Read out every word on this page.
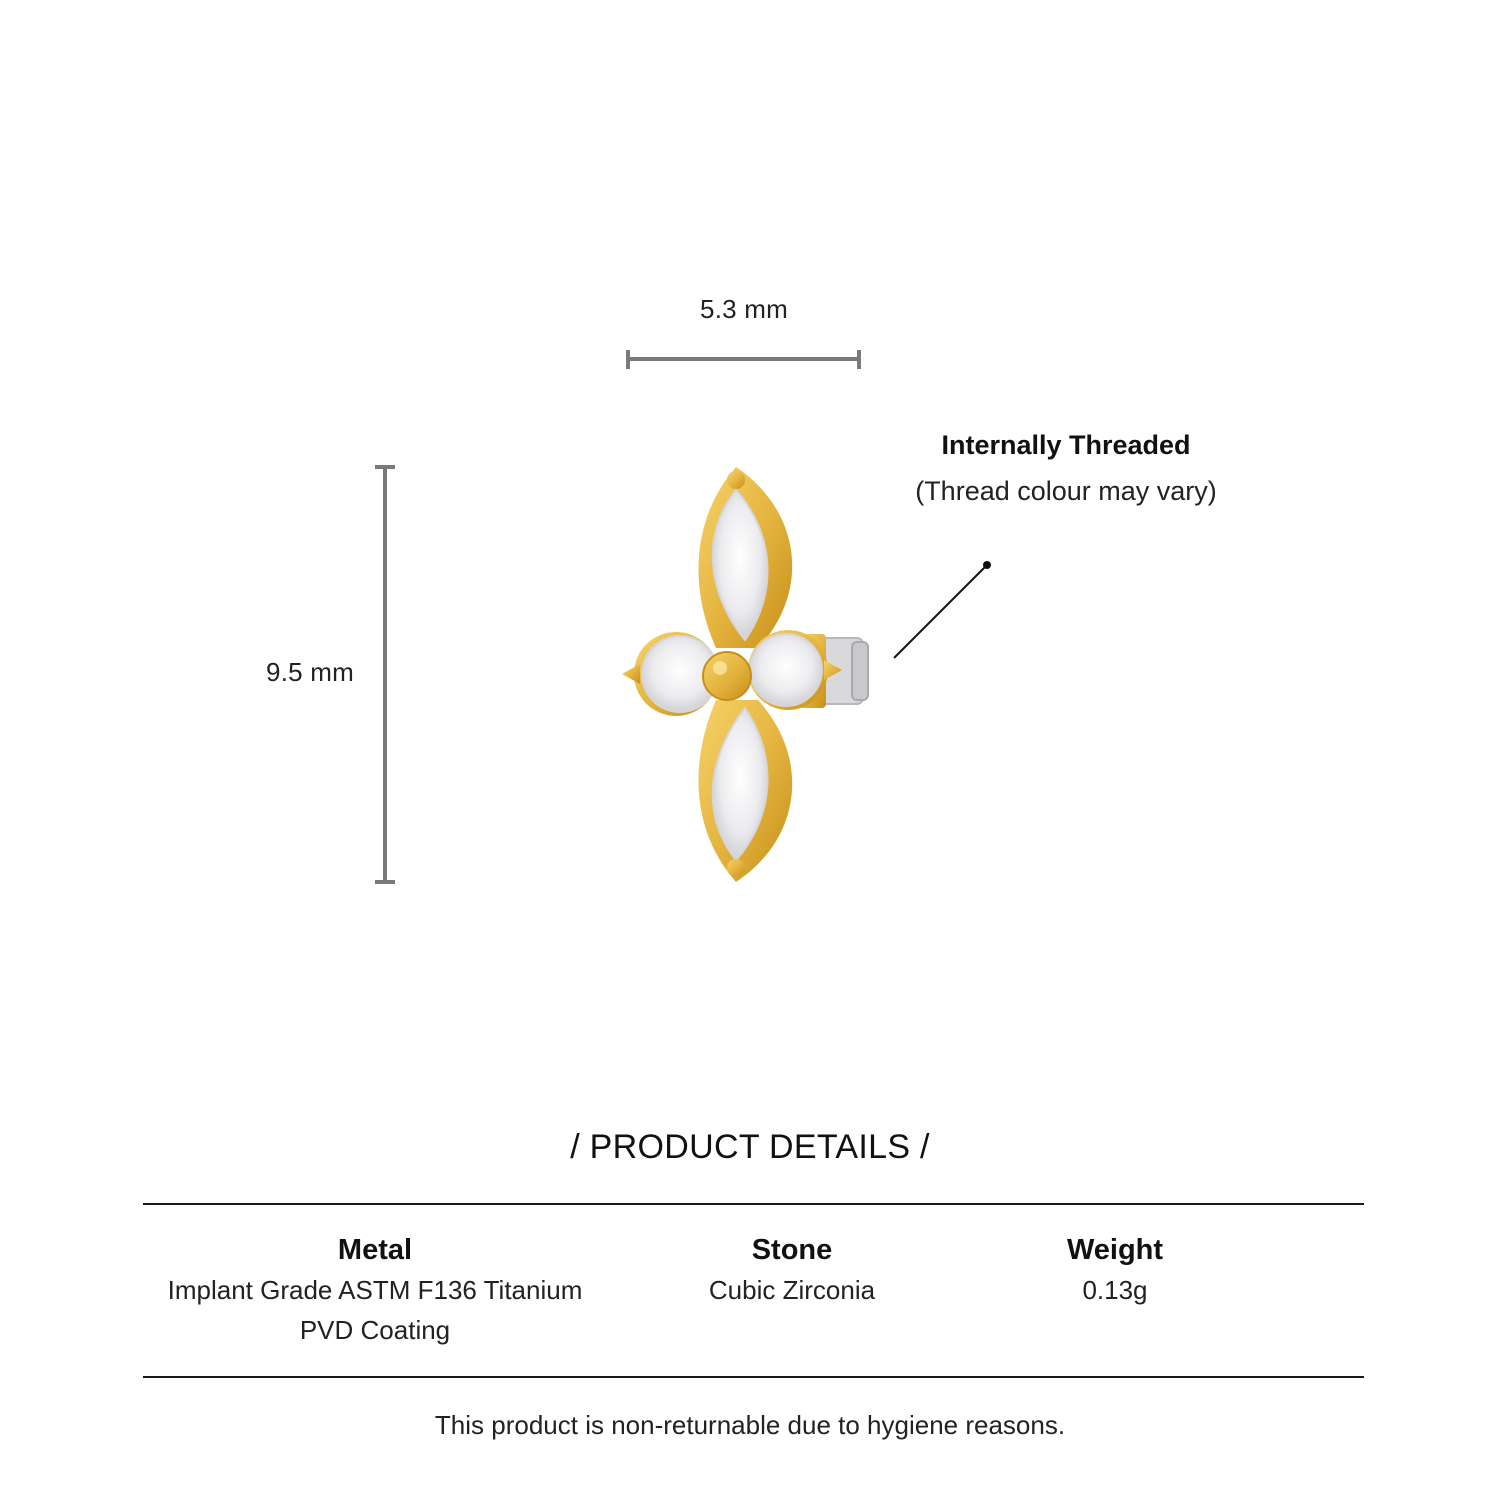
5.3 mm
9.5 mm
Internally Threaded
(Thread colour may vary)
/ PRODUCT DETAILS /
Metal
Implant Grade ASTM F136 Titanium
PVD Coating
Stone
Cubic Zirconia
Weight
0.13g
This product is non-returnable due to hygiene reasons.
